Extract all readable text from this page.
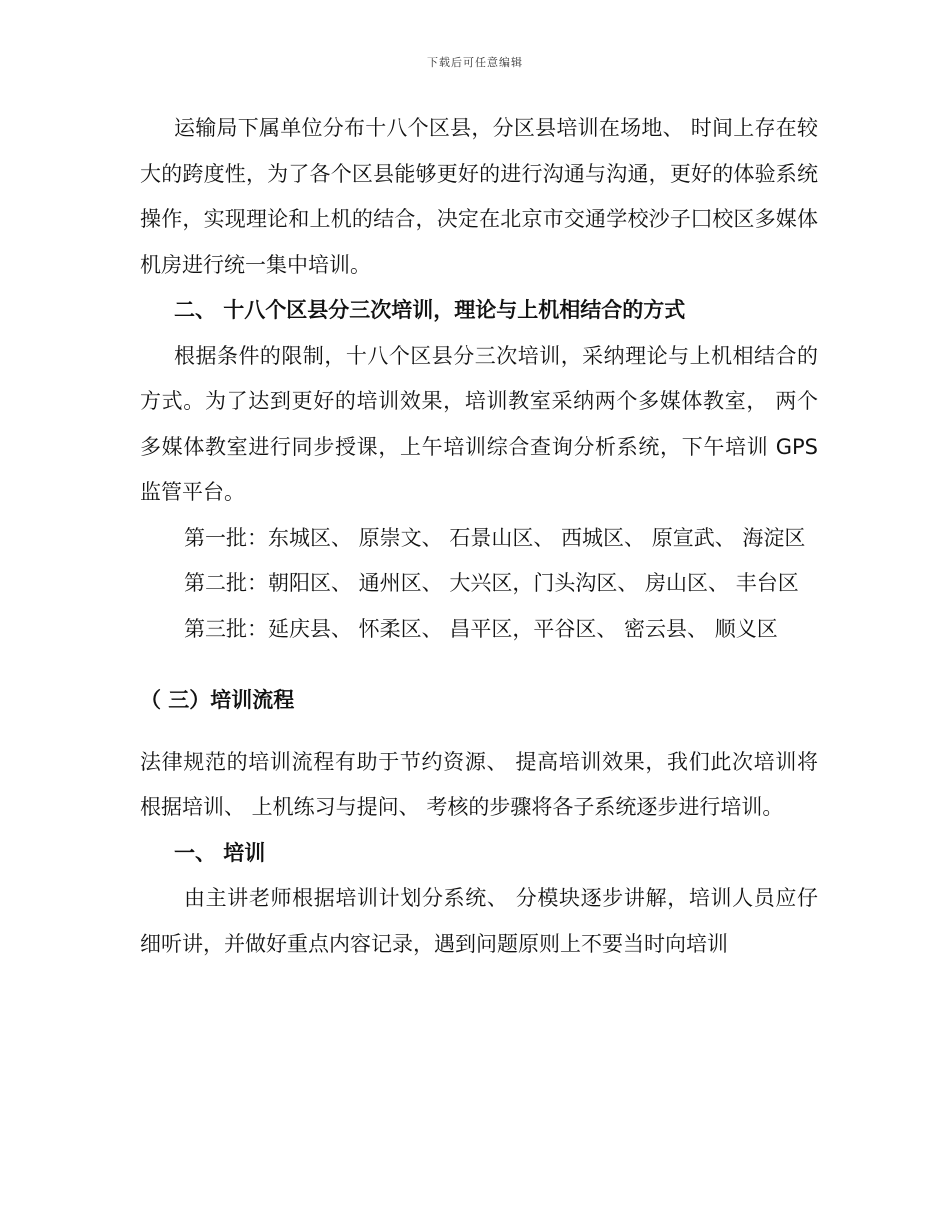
下载后可任意编辑

运输局下属单位分布十八个区县，分区县培训在场地、 时间上存在较大的跨度性，为了各个区县能够更好的进行沟通与沟通，更好的体验系统操作，实现理论和上机的结合，决定在北京市交通学校沙子囗校区多媒体机房进行统一集中培训。

二、 十八个区县分三次培训，理论与上机相结合的方式

根据条件的限制，十八个区县分三次培训，采纳理论与上机相结合的方式。为了达到更好的培训效果，培训教室采纳两个多媒体教室， 两个多媒体教室进行同步授课，上午培训综合查询分析系统，下午培训 GPS 监管平台。

第一批：东城区、 原崇文、 石景山区、 西城区、 原宣武、 海淀区

第二批：朝阳区、 通州区、 大兴区，门头沟区、 房山区、 丰台区

第三批：延庆县、 怀柔区、 昌平区，平谷区、 密云县、 顺义区

（ 三）培训流程

法律规范的培训流程有助于节约资源、 提高培训效果，我们此次培训将根据培训、 上机练习与提问、 考核的步骤将各子系统逐步进行培训。

一、 培训

由主讲老师根据培训计划分系统、 分模块逐步讲解，培训人员应仔细听讲，并做好重点内容记录，遇到问题原则上不要当时向培训
